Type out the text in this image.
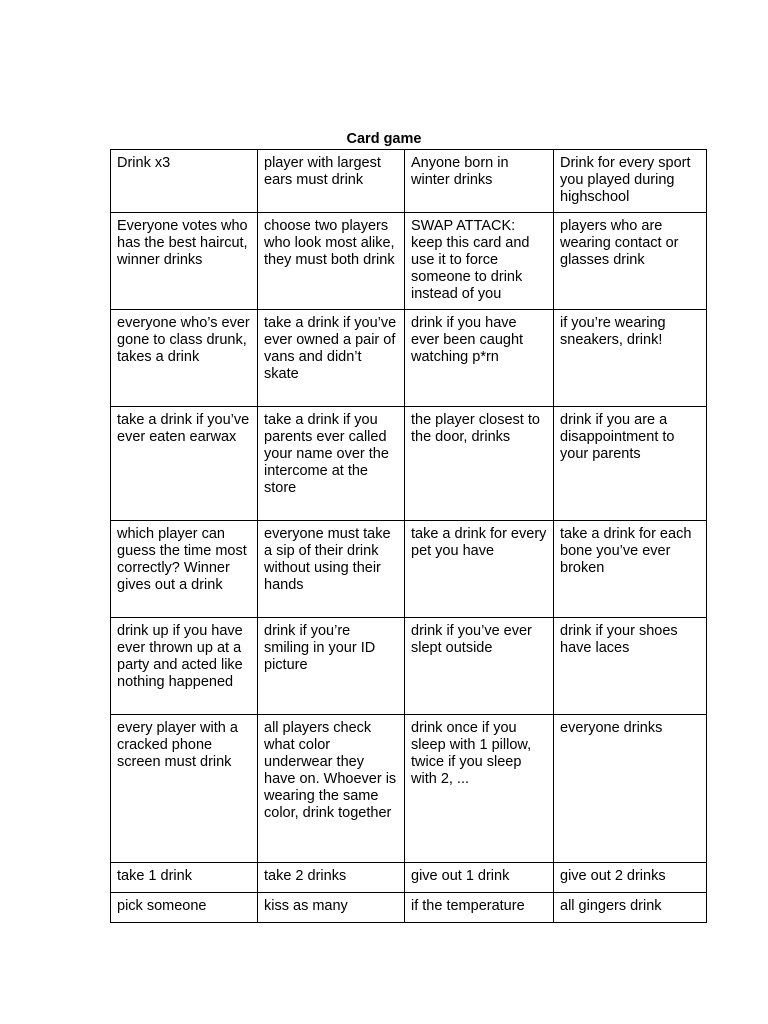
Card game
Drink x3	player with largest ears must drink	Anyone born in winter drinks	Drink for every sport you played during highschool
Everyone votes who has the best haircut, winner drinks	choose two players who look most alike, they must both drink	SWAP ATTACK: keep this card and use it to force someone to drink instead of you	players who are wearing contact or glasses drink
everyone who’s ever gone to class drunk, takes a drink	take a drink if you’ve ever owned a pair of vans and didn’t skate	drink if you have ever been caught watching p*rn	if you’re wearing sneakers, drink!
take a drink if you’ve ever eaten earwax	take a drink if you parents ever called your name over the intercome at the store	the player closest to the door, drinks	drink if you are a disappointment to your parents
which player can guess the time most correctly? Winner gives out a drink	everyone must take a sip of their drink without using their hands	take a drink for every pet you have	take a drink for each bone you’ve ever broken
drink up if you have ever thrown up at a party and acted like nothing happened	drink if you’re smiling in your ID picture	drink if you’ve ever slept outside	drink if your shoes have laces
every player with a cracked phone screen must drink	all players check what color underwear they have on. Whoever is wearing the same color, drink together	drink once if you sleep with 1 pillow, twice if you sleep with 2, ...	everyone drinks
take 1 drink	take 2 drinks	give out 1 drink	give out 2 drinks
pick someone	kiss as many	if the temperature	all gingers drink
